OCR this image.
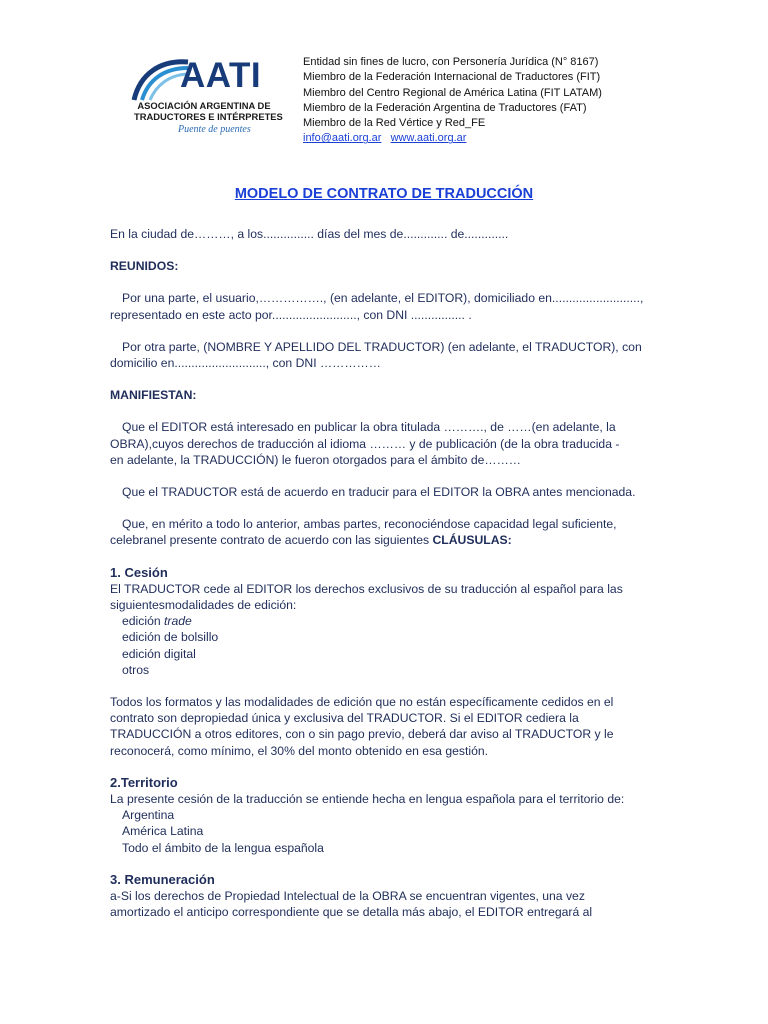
AATI
ASOCIACIÓN ARGENTINA DE
TRADUCTORES E INTÉRPRETES
Puente de puentes
Entidad sin fines de lucro, con Personería Jurídica (N° 8167)
Miembro de la Federación Internacional de Traductores (FIT)
Miembro del Centro Regional de América Latina (FIT LATAM)
Miembro de la Federación Argentina de Traductores (FAT)
Miembro de la Red Vértice y Red_FE
info@aati.org.ar www.aati.org.ar
MODELO DE CONTRATO DE TRADUCCIÓN

En la ciudad de………, a los............... días del mes de............. de.............

REUNIDOS:

Por una parte, el usuario,……………., (en adelante, el EDITOR), domiciliado en..........................,
representado en este acto por........................., con DNI ................ .

Por otra parte, (NOMBRE Y APELLIDO DEL TRADUCTOR) (en adelante, el TRADUCTOR), con
domicilio en..........................., con DNI ……………

MANIFIESTAN:

Que el EDITOR está interesado en publicar la obra titulada ………., de ……(en adelante, la
OBRA),cuyos derechos de traducción al idioma ……… y de publicación (de la obra traducida -
en adelante, la TRADUCCIÓN) le fueron otorgados para el ámbito de………

Que el TRADUCTOR está de acuerdo en traducir para el EDITOR la OBRA antes mencionada.

Que, en mérito a todo lo anterior, ambas partes, reconociéndose capacidad legal suficiente,
celebranel presente contrato de acuerdo con las siguientes CLÁUSULAS:

1. Cesión

El TRADUCTOR cede al EDITOR los derechos exclusivos de su traducción al español para las
siguientesmodalidades de edición:

edición trade

edición de bolsillo

edición digital

otros

Todos los formatos y las modalidades de edición que no están específicamente cedidos en el
contrato son depropiedad única y exclusiva del TRADUCTOR. Si el EDITOR cediera la
TRADUCCIÓN a otros editores, con o sin pago previo, deberá dar aviso al TRADUCTOR y le
reconocerá, como mínimo, el 30% del monto obtenido en esa gestión.

2.Territorio

La presente cesión de la traducción se entiende hecha en lengua española para el territorio de:

Argentina

América Latina

Todo el ámbito de la lengua española

3. Remuneración

a-Si los derechos de Propiedad Intelectual de la OBRA se encuentran vigentes, una vez
amortizado el anticipo correspondiente que se detalla más abajo, el EDITOR entregará al
